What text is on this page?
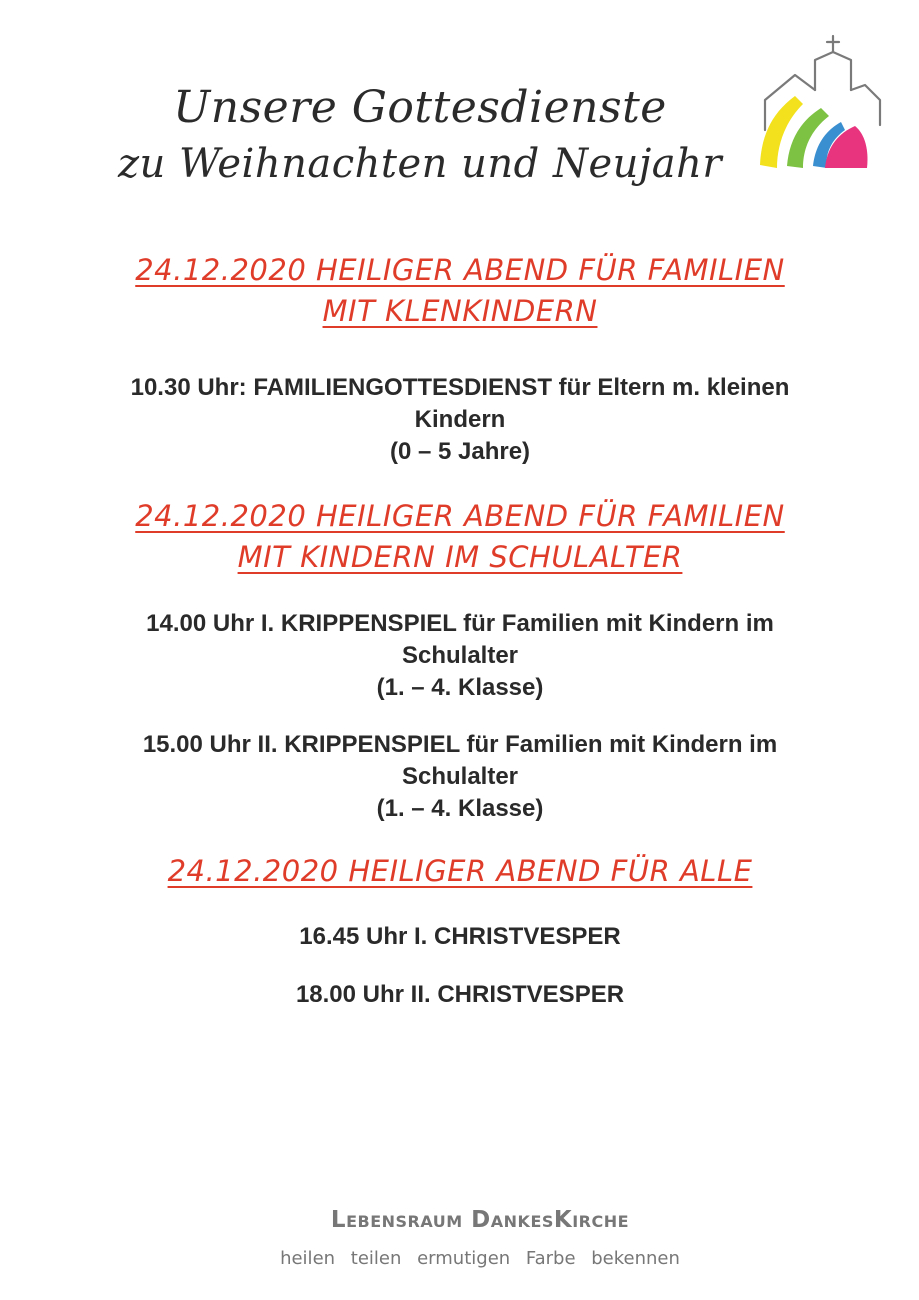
Unsere Gottesdienste
zu Weihnachten und Neujahr
24.12.2020 HEILIGER ABEND FÜR FAMILIEN
MIT KLENKINDERN
10.30 Uhr: FAMILIENGOTTESDIENST für Eltern m. kleinen
Kindern
(0 – 5 Jahre)
24.12.2020 HEILIGER ABEND FÜR FAMILIEN
MIT KINDERN IM SCHULALTER
14.00 Uhr I. KRIPPENSPIEL für Familien mit Kindern im
Schulalter
(1. – 4. Klasse)
15.00 Uhr II. KRIPPENSPIEL für Familien mit Kindern im
Schulalter
(1. – 4. Klasse)
24.12.2020 HEILIGER ABEND FÜR ALLE
16.45 Uhr I. CHRISTVESPER
18.00 Uhr II. CHRISTVESPER
Lebensraum DankesKirche
heilen teilen ermutigen Farbe bekennen
